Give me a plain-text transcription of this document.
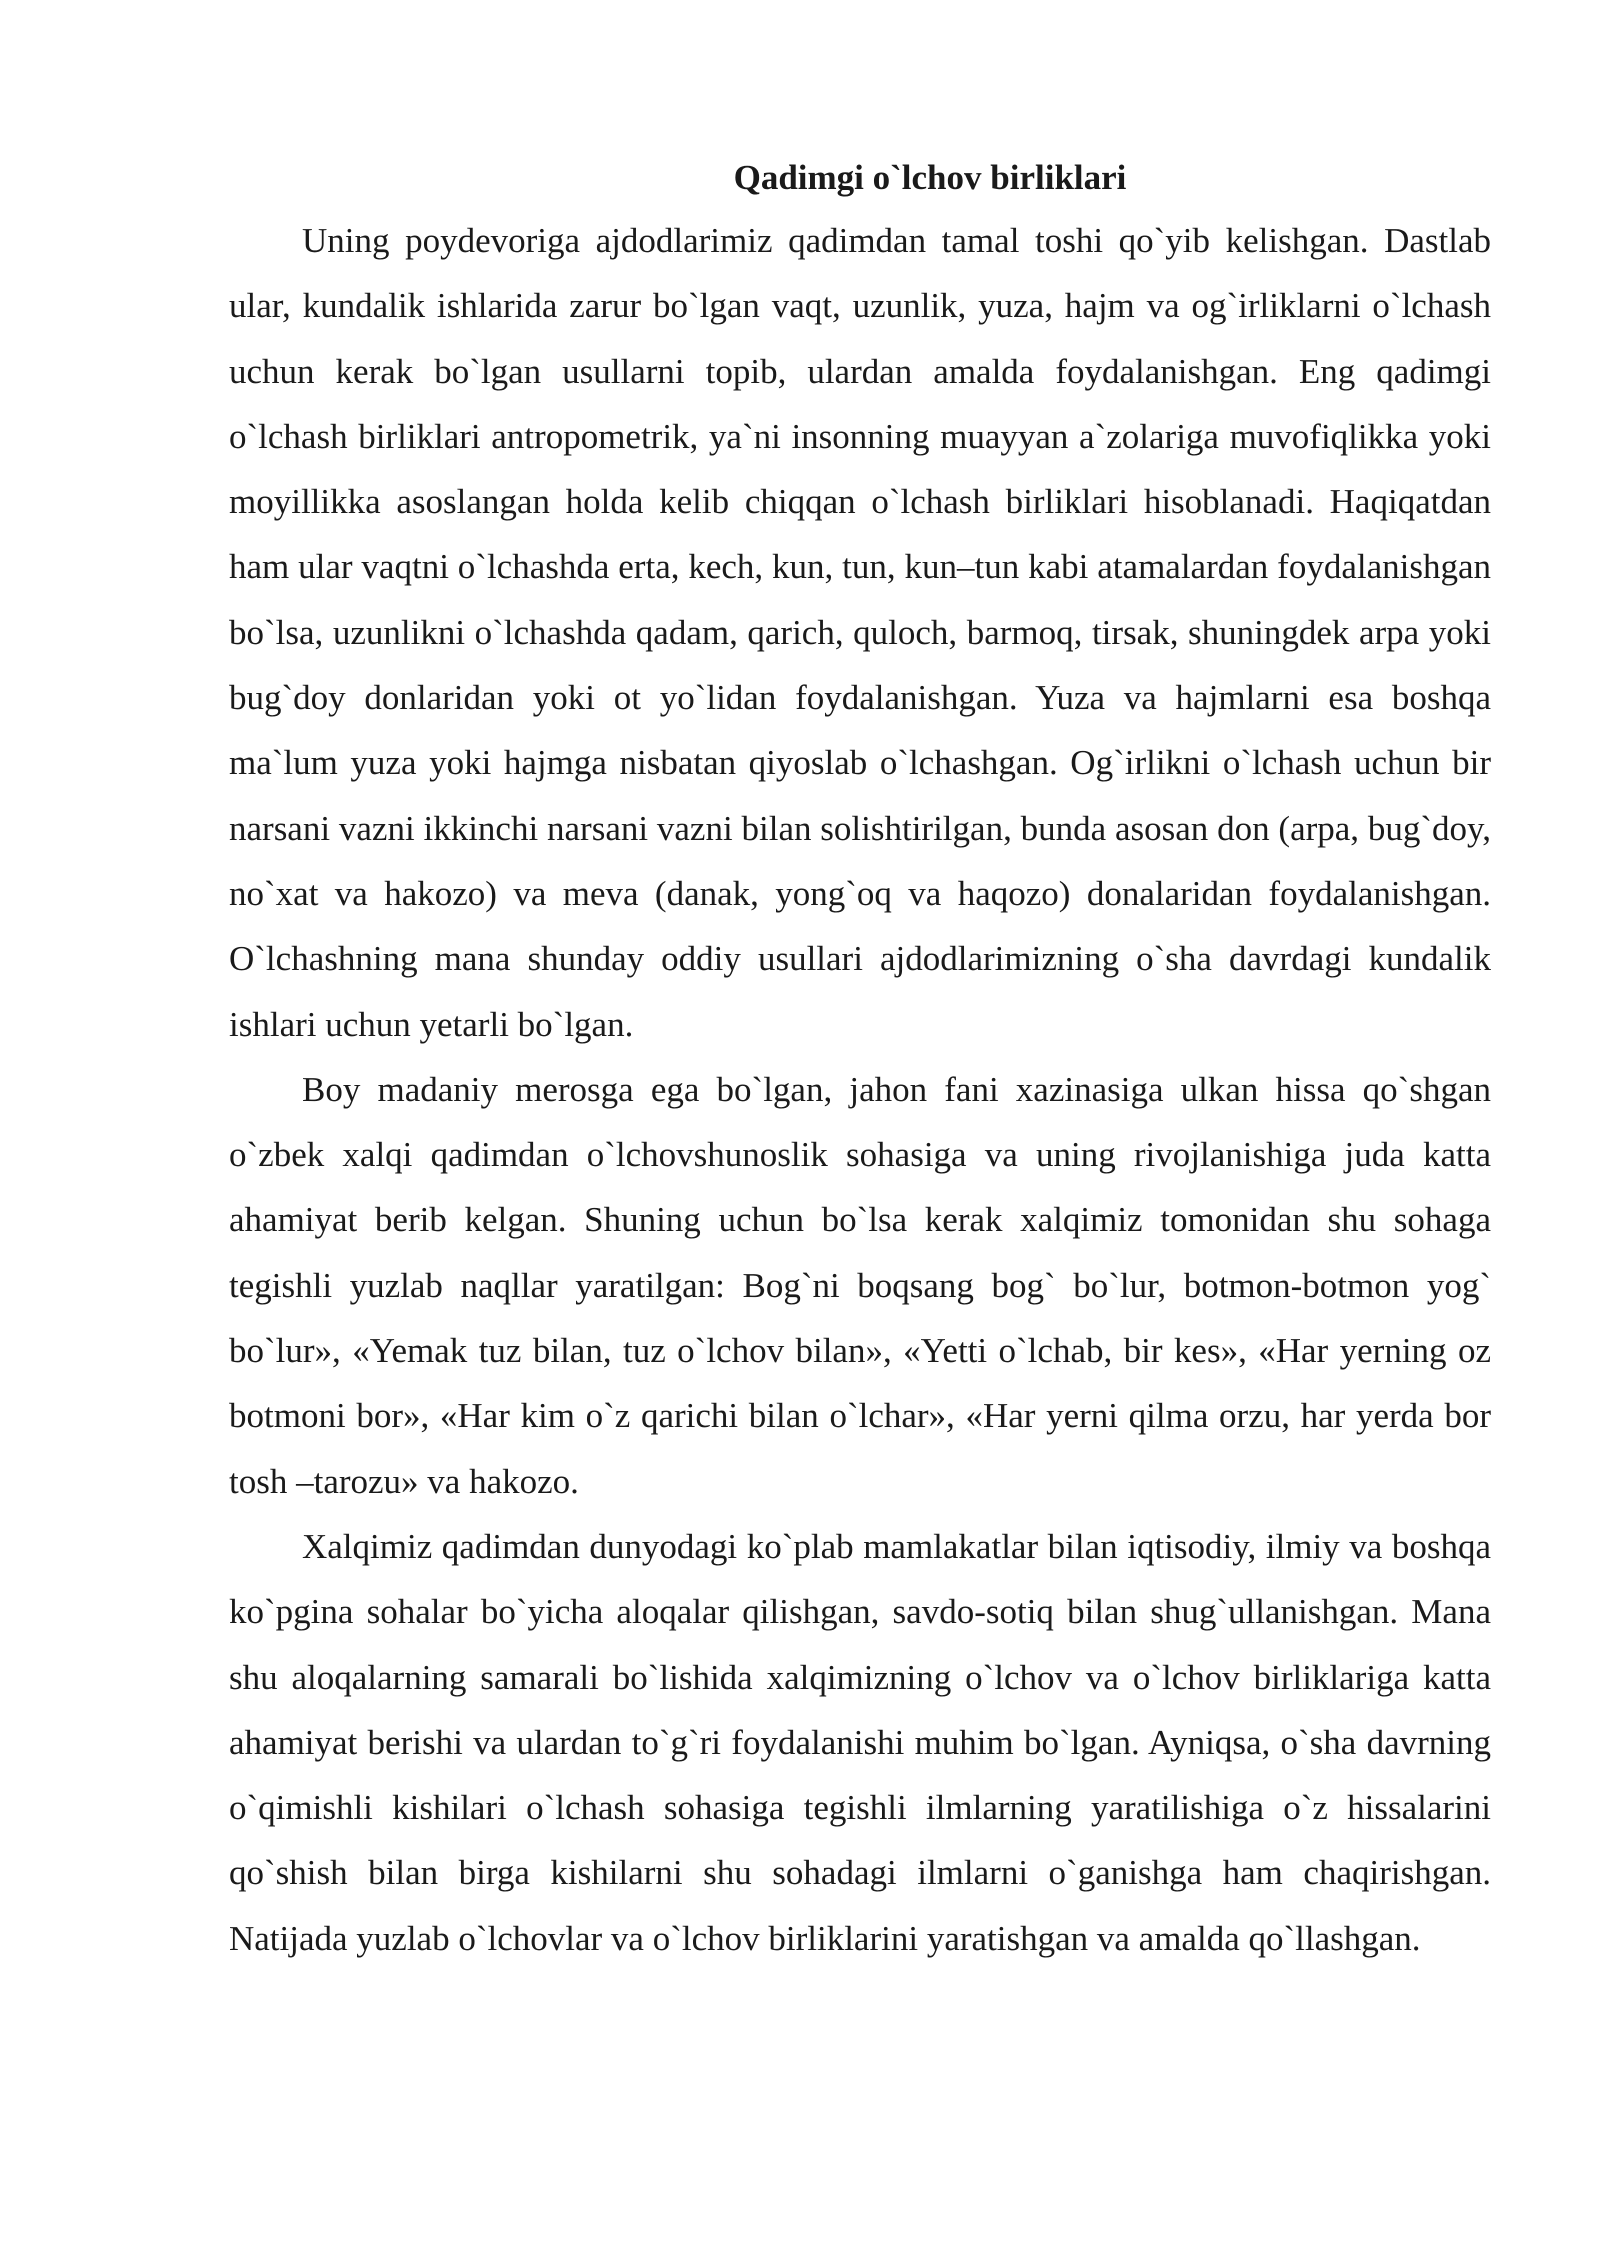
Qadimgi o`lchov birliklari

Uning poydevoriga ajdodlarimiz qadimdan tamal toshi qo`yib kelishgan. Dastlab ular, kundalik ishlarida zarur bo`lgan vaqt, uzunlik, yuza, hajm va og`irliklarni o`lchash uchun kerak bo`lgan usullarni topib, ulardan amalda foydalanishgan. Eng qadimgi o`lchash birliklari antropometrik, ya`ni insonning muayyan a`zolariga muvofiqlikka yoki moyillikka asoslangan holda kelib chiqqan o`lchash birliklari hisoblanadi. Haqiqatdan ham ular vaqtni o`lchashda erta, kech, kun, tun, kun–tun kabi atamalardan foydalanishgan bo`lsa, uzunlikni o`lchashda qadam, qarich, quloch, barmoq, tirsak, shuningdek arpa yoki bug`doy donlaridan yoki ot yo`lidan foydalanishgan. Yuza va hajmlarni esa boshqa ma`lum yuza yoki hajmga nisbatan qiyoslab o`lchashgan. Og`irlikni o`lchash uchun bir narsani vazni ikkinchi narsani vazni bilan solishtirilgan, bunda asosan don (arpa, bug`doy, no`xat va hakozo) va meva (danak, yong`oq va haqozo) donalaridan foydalanishgan. O`lchashning mana shunday oddiy usullari ajdodlarimizning o`sha davrdagi kundalik ishlari uchun yetarli bo`lgan.

Boy madaniy merosga ega bo`lgan, jahon fani xazinasiga ulkan hissa qo`shgan o`zbek xalqi qadimdan o`lchovshunoslik sohasiga va uning rivojlanishiga juda katta ahamiyat berib kelgan. Shuning uchun bo`lsa kerak xalqimiz tomonidan shu sohaga tegishli yuzlab naqllar yaratilgan: Bog`ni boqsang bog` bo`lur, botmon-botmon yog` bo`lur», «Yemak tuz bilan, tuz o`lchov bilan», «Yetti o`lchab, bir kes», «Har yerning oz botmoni bor», «Har kim o`z qarichi bilan o`lchar», «Har yerni qilma orzu, har yerda bor tosh –tarozu» va hakozo.

Xalqimiz qadimdan dunyodagi ko`plab mamlakatlar bilan iqtisodiy, ilmiy va boshqa ko`pgina sohalar bo`yicha aloqalar qilishgan, savdo-sotiq bilan shug`ullanishgan. Mana shu aloqalarning samarali bo`lishida xalqimizning o`lchov va o`lchov birliklariga katta ahamiyat berishi va ulardan to`g`ri foydalanishi muhim bo`lgan. Ayniqsa, o`sha davrning o`qimishli kishilari o`lchash sohasiga tegishli ilmlarning yaratilishiga o`z hissalarini qo`shish bilan birga kishilarni shu sohadagi ilmlarni o`ganishga ham chaqirishgan. Natijada yuzlab o`lchovlar va o`lchov birliklarini yaratishgan va amalda qo`llashgan.
